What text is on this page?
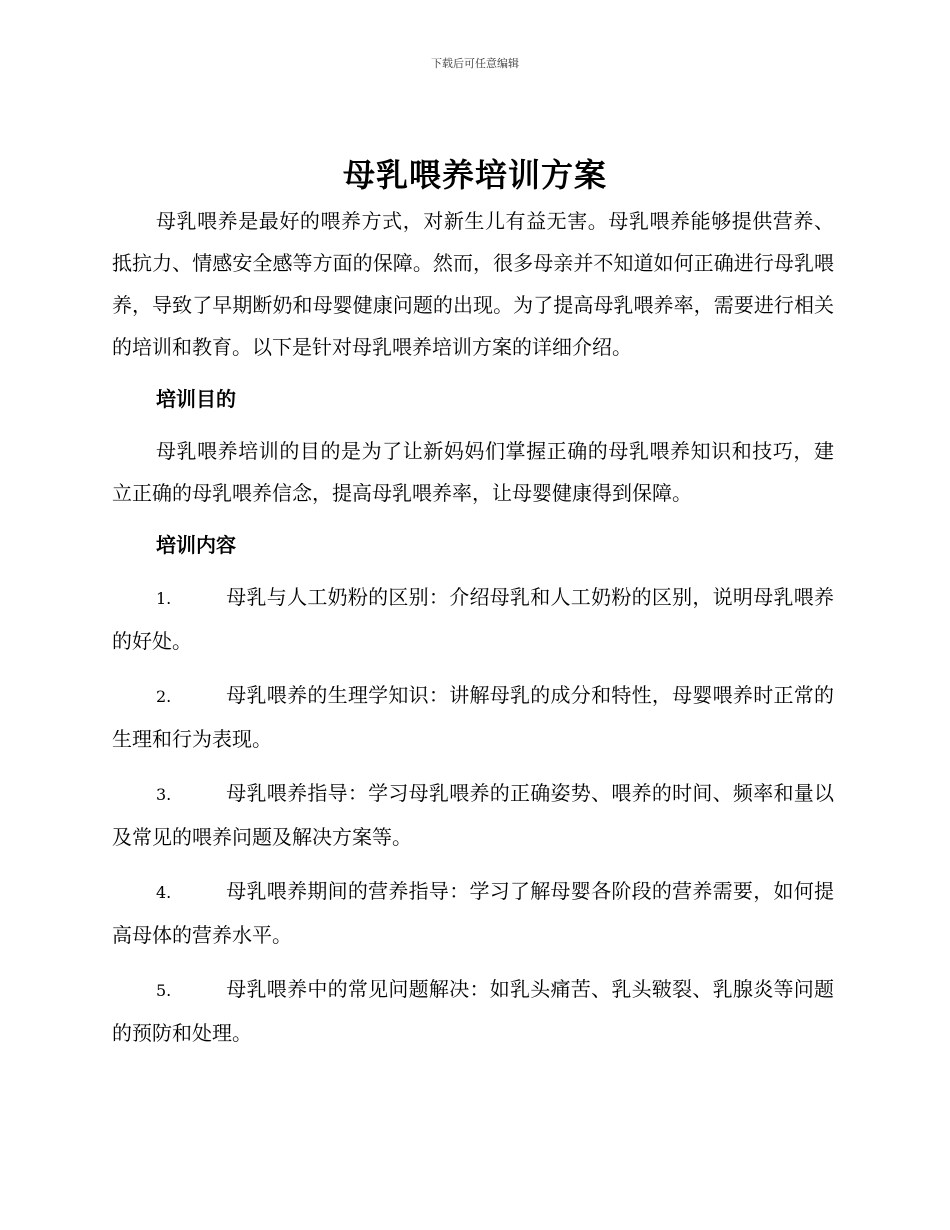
下载后可任意编辑
母乳喂养培训方案

母乳喂养是最好的喂养方式，对新生儿有益无害。母乳喂养能够提供营养、抵抗力、情感安全感等方面的保障。然而，很多母亲并不知道如何正确进行母乳喂养，导致了早期断奶和母婴健康问题的出现。为了提高母乳喂养率，需要进行相关的培训和教育。以下是针对母乳喂养培训方案的详细介绍。

培训目的

母乳喂养培训的目的是为了让新妈妈们掌握正确的母乳喂养知识和技巧，建立正确的母乳喂养信念，提高母乳喂养率，让母婴健康得到保障。

培训内容
1.	母乳与人工奶粉的区别：介绍母乳和人工奶粉的区别，说明母乳喂养的好处。
2.	母乳喂养的生理学知识：讲解母乳的成分和特性，母婴喂养时正常的生理和行为表现。
3.	母乳喂养指导：学习母乳喂养的正确姿势、喂养的时间、频率和量以及常见的喂养问题及解决方案等。
4.	母乳喂养期间的营养指导：学习了解母婴各阶段的营养需要，如何提高母体的营养水平。
5.	母乳喂养中的常见问题解决：如乳头痛苦、乳头皲裂、乳腺炎等问题的预防和处理。
